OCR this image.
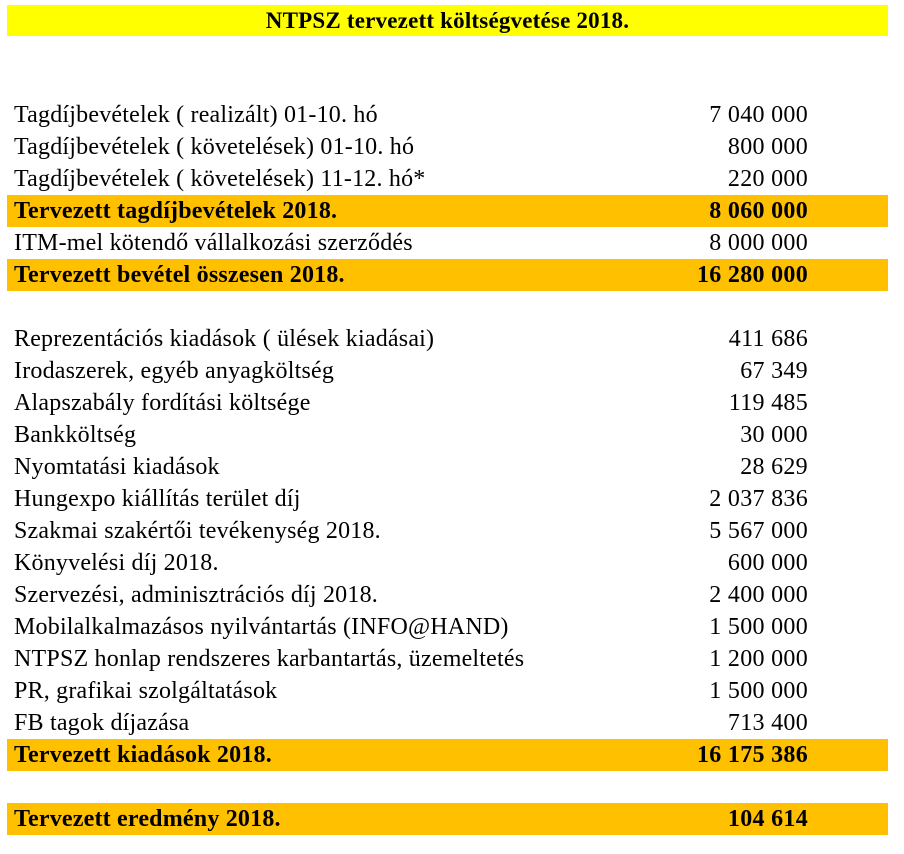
NTPSZ tervezett költségvetése 2018.
Tagdíjbevételek ( realizált) 01-10. hó	7 040 000
Tagdíjbevételek ( követelések) 01-10. hó	800 000
Tagdíjbevételek ( követelések) 11-12. hó*	220 000
Tervezett tagdíjbevételek 2018.	8 060 000
ITM-mel kötendő vállalkozási szerződés	8 000 000
Tervezett bevétel összesen 2018.	16 280 000
Reprezentációs kiadások ( ülések kiadásai)	411 686
Irodaszerek, egyéb anyagköltség	67 349
Alapszabály fordítási költsége	119 485
Bankköltség	30 000
Nyomtatási kiadások	28 629
Hungexpo kiállítás terület díj	2 037 836
Szakmai szakértői tevékenység 2018.	5 567 000
Könyvelési díj 2018.	600 000
Szervezési, adminisztrációs díj 2018.	2 400 000
Mobilalkalmazásos nyilvántartás (INFO@HAND)	1 500 000
NTPSZ honlap rendszeres karbantartás, üzemeltetés	1 200 000
PR, grafikai szolgáltatások	1 500 000
FB tagok díjazása	713 400
Tervezett kiadások 2018.	16 175 386
Tervezett eredmény 2018.	104 614
